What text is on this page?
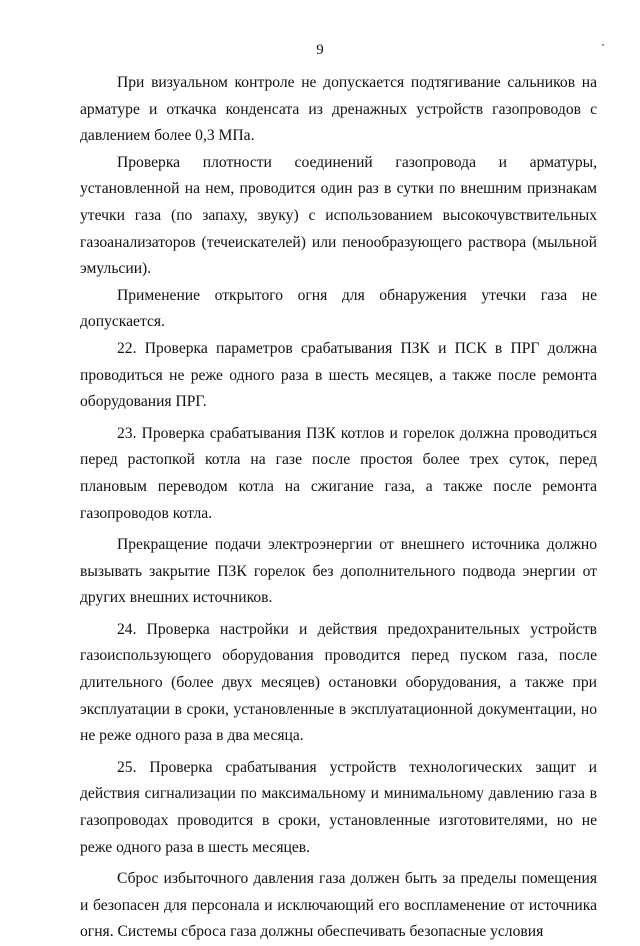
9

При визуальном контроле не допускается подтягивание сальников на арматуре и откачка конденсата из дренажных устройств газопроводов с давлением более 0,3 МПа.

Проверка плотности соединений газопровода и арматуры, установленной на нем, проводится один раз в сутки по внешним признакам утечки газа (по запаху, звуку) с использованием высокочувствительных газоанализаторов (течеискателей) или пенообразующего раствора (мыльной эмульсии).

Применение открытого огня для обнаружения утечки газа не допускается.

22. Проверка параметров срабатывания ПЗК и ПСК в ПРГ должна проводиться не реже одного раза в шесть месяцев, а также после ремонта оборудования ПРГ.

23. Проверка срабатывания ПЗК котлов и горелок должна проводиться перед растопкой котла на газе после простоя более трех суток, перед плановым переводом котла на сжигание газа, а также после ремонта газопроводов котла.

Прекращение подачи электроэнергии от внешнего источника должно вызывать закрытие ПЗК горелок без дополнительного подвода энергии от других внешних источников.

24. Проверка настройки и действия предохранительных устройств газоиспользующего оборудования проводится перед пуском газа, после длительного (более двух месяцев) остановки оборудования, а также при эксплуатации в сроки, установленные в эксплуатационной документации, но не реже одного раза в два месяца.

25. Проверка срабатывания устройств технологических защит и действия сигнализации по максимальному и минимальному давлению газа в газопроводах проводится в сроки, установленные изготовителями, но не реже одного раза в шесть месяцев.

Сброс избыточного давления газа должен быть за пределы помещения и безопасен для персонала и исключающий его воспламенение от источника огня. Системы сброса газа должны обеспечивать безопасные условия
